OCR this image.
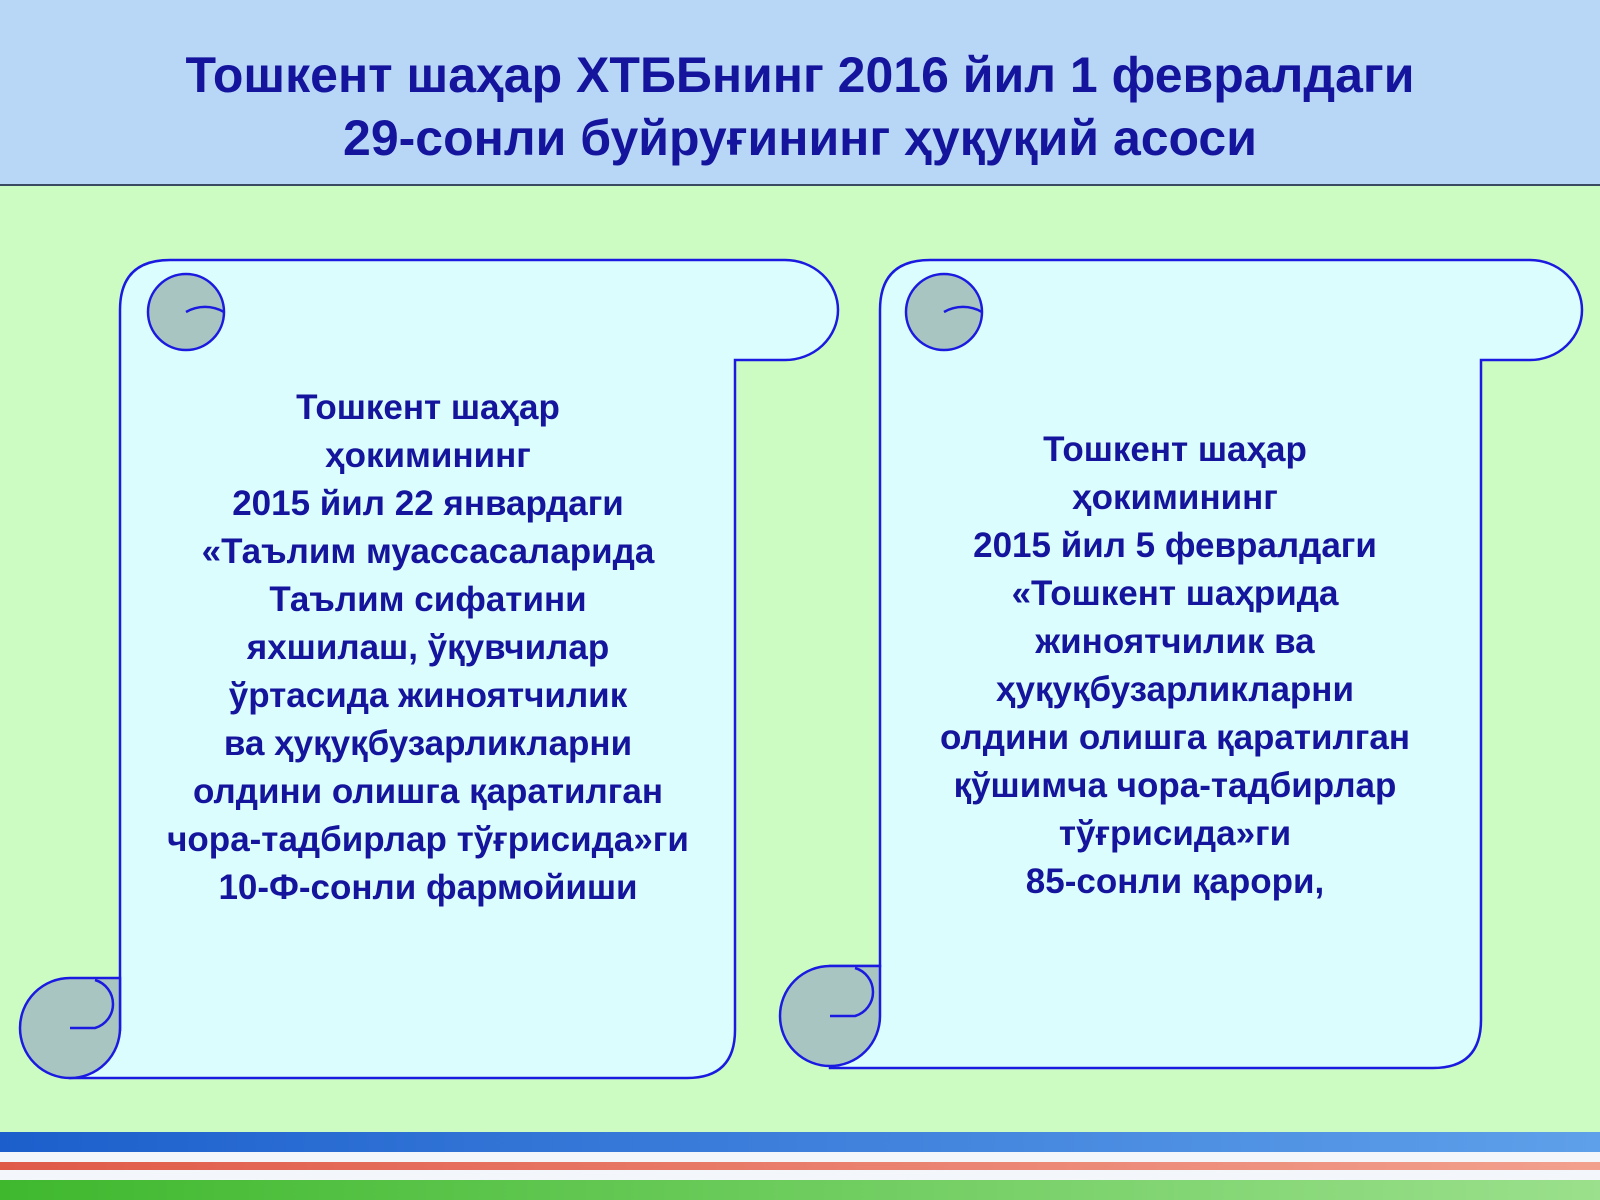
Тошкент шаҳар ХТББнинг 2016 йил 1 февралдаги
29-сонли буйруғининг ҳуқуқий асоси
Тошкент шаҳар
ҳокимининг
2015 йил 22 январдаги
«Таълим муассасаларида
Таълим сифатини
яхшилаш, ўқувчилар
ўртасида жиноятчилик
ва ҳуқуқбузарликларни
олдини олишга қаратилган
чора-тадбирлар тўғрисида»ги
10-Ф-сонли фармойиши
Тошкент шаҳар
ҳокимининг
2015 йил 5 февралдаги
«Тошкент шаҳрида
жиноятчилик ва
ҳуқуқбузарликларни
олдини олишга қаратилган
қўшимча чора-тадбирлар
тўғрисида»ги
85-сонли қарори,
